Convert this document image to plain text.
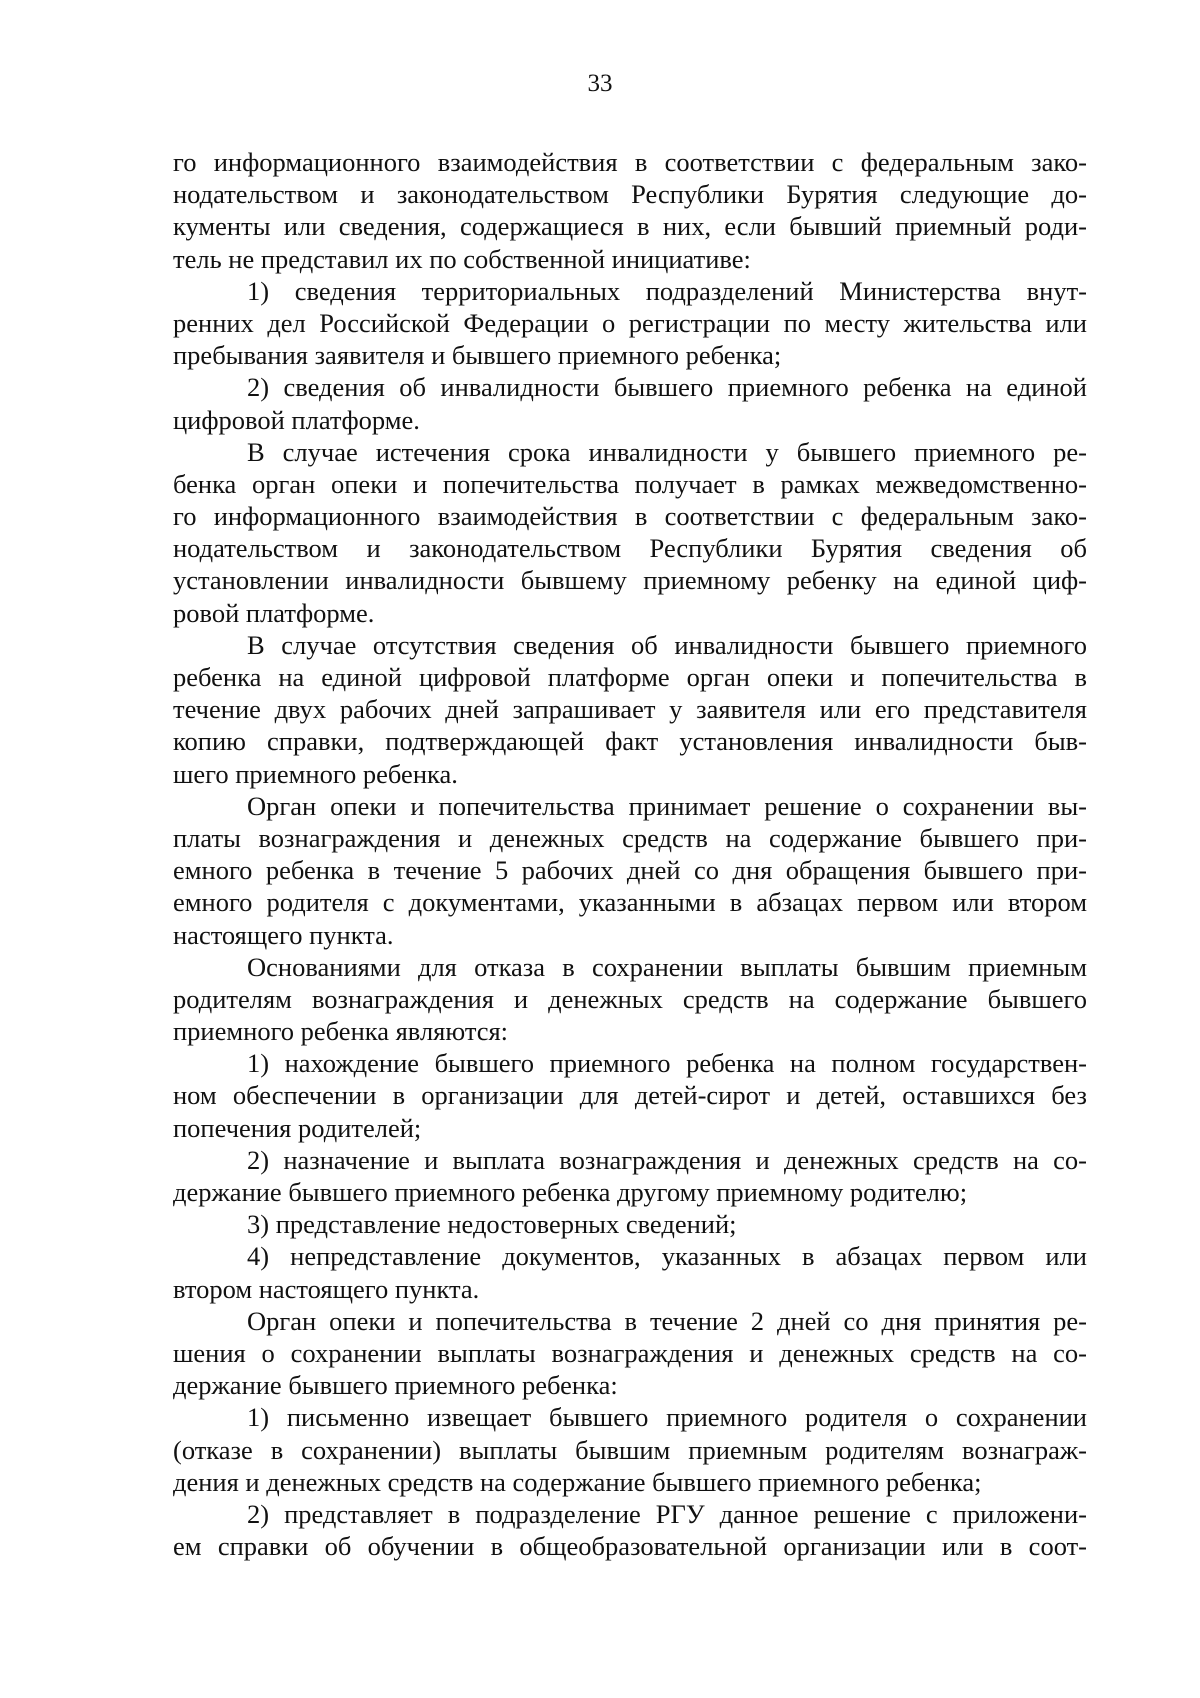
33
го информационного взаимодействия в соответствии с федеральным зако-
нодательством и законодательством Республики Бурятия следующие до-
кументы или сведения, содержащиеся в них, если бывший приемный роди-
тель не представил их по собственной инициативе:
1) сведения территориальных подразделений Министерства внут-
ренних дел Российской Федерации о регистрации по месту жительства или
пребывания заявителя и бывшего приемного ребенка;
2) сведения об инвалидности бывшего приемного ребенка на единой
цифровой платформе.
В случае истечения срока инвалидности у бывшего приемного ре-
бенка орган опеки и попечительства получает в рамках межведомственно-
го информационного взаимодействия в соответствии с федеральным зако-
нодательством и законодательством Республики Бурятия сведения об
установлении инвалидности бывшему приемному ребенку на единой циф-
ровой платформе.
В случае отсутствия сведения об инвалидности бывшего приемного
ребенка на единой цифровой платформе орган опеки и попечительства в
течение двух рабочих дней запрашивает у заявителя или его представителя
копию справки, подтверждающей факт установления инвалидности быв-
шего приемного ребенка.
Орган опеки и попечительства принимает решение о сохранении вы-
платы вознаграждения и денежных средств на содержание бывшего при-
емного ребенка в течение 5 рабочих дней со дня обращения бывшего при-
емного родителя с документами, указанными в абзацах первом или втором
настоящего пункта.
Основаниями для отказа в сохранении выплаты бывшим приемным
родителям вознаграждения и денежных средств на содержание бывшего
приемного ребенка являются:
1) нахождение бывшего приемного ребенка на полном государствен-
ном обеспечении в организации для детей-сирот и детей, оставшихся без
попечения родителей;
2) назначение и выплата вознаграждения и денежных средств на со-
держание бывшего приемного ребенка другому приемному родителю;
3) представление недостоверных сведений;
4) непредставление документов, указанных в абзацах первом или
втором настоящего пункта.
Орган опеки и попечительства в течение 2 дней со дня принятия ре-
шения о сохранении выплаты вознаграждения и денежных средств на со-
держание бывшего приемного ребенка:
1) письменно извещает бывшего приемного родителя о сохранении
(отказе в сохранении) выплаты бывшим приемным родителям вознаграж-
дения и денежных средств на содержание бывшего приемного ребенка;
2) представляет в подразделение РГУ данное решение с приложени-
ем справки об обучении в общеобразовательной организации или в соот-
